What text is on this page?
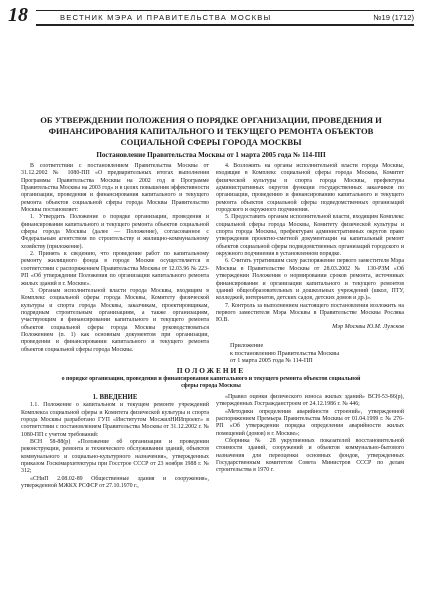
18	ВЕСТНИК МЭРА И ПРАВИТЕЛЬСТВА МОСКВЫ	№19 (1712)
ОБ УТВЕРЖДЕНИИ ПОЛОЖЕНИЯ О ПОРЯДКЕ ОРГАНИЗАЦИИ, ПРОВЕДЕНИЯ И ФИНАНСИРОВАНИЯ КАПИТАЛЬНОГО И ТЕКУЩЕГО РЕМОНТА ОБЪЕКТОВ СОЦИАЛЬНОЙ СФЕРЫ ГОРОДА МОСКВЫ
Постановление Правительства Москвы от 1 марта 2005 года № 114-ПП

В соответствии с постановлением Правительства Москвы от 31.12.2002 № 1080-ПП «О предварительных итогах выполнения Программы Правительства Москвы на 2002 год и Программе Правительства Москвы на 2003 год» и в целях повышения эффективности организации, проведения и финансирования капитального и текущего ремонта объектов социальной сферы города Москвы Правительство Москвы постановляет:

1. Утвердить Положение о порядке организации, проведения и финансирования капитального и текущего ремонта объектов социальной сферы города Москвы (далее — Положение), согласованное с Федеральным агентством по строительству и жилищно-коммунальному хозяйству (приложение).

2. Принять к сведению, что проведение работ по капитальному ремонту жилищного фонда в городе Москве осуществляется в соответствии с распоряжением Правительства Москвы от 12.03.96 № 223-РП «Об утверждении Положения по организации капитального ремонта жилых зданий в г. Москве».

3. Органам исполнительной власти города Москвы, входящим в Комплекс социальной сферы города Москвы, Комитету физической культуры и спорта города Москвы, заказчикам, проектировщикам, подрядным строительным организациям, а также организациям, участвующим в финансировании капитального и текущего ремонта объектов социальной сферы города Москвы руководствоваться Положением (п. 1) как основным документом при организации, проведении и финансировании капитального и текущего ремонта объектов социальной сферы города Москвы.

4. Возложить на органы исполнительной власти города Москвы, входящие в Комплекс социальной сферы города Москвы, Комитет физической культуры и спорта города Москвы, префектуры административных округов функции государственных заказчиков по организации, проведению и финансированию капитального и текущего ремонта объектов социальной сферы подведомственных организаций городского и окружного подчинения.

5. Предоставить органам исполнительной власти, входящим Комплекс социальной сферы города Москвы, Комитету физической культуры и спорта города Москвы, префектурам административных округов право утверждения проектно-сметной документации на капитальный ремонт объектов социальной сферы подведомственных организаций городского и окружного подчинения в установленном порядке.

6. Считать утратившим силу распоряжение первого заместителя Мэра Москвы в Правительстве Москвы от 28.03.2002 № 130-РЗМ «Об утверждении Положения о нормировании сроков ремонта, источниках финансирования и организации капитального и текущего ремонтов зданий общеобразовательных и дошкольных учреждений (школ, ПТУ, колледжей, интернатов, детских садов, детских домов и др.)».

7. Контроль за выполнением настоящего постановления возложить на первого заместителя Мэра Москвы в Правительстве Москвы Росляка Ю.В.

Мэр Москвы Ю.М. Лужков
Приложение
к постановлению Правительства Москвы
от 1 марта 2005 года № 114-ПП
ПОЛОЖЕНИЕ
о порядке организации, проведения и финансирования капитального и текущего ремонта объектов социальной сферы города Москвы
1. ВВЕДЕНИЕ

1.1. Положение о капитальном и текущем ремонте учреждений Комплекса социальной сферы и Комитета физической культуры и спорта города Москвы разработано ГУП «Институтом МосжилНИИпроект» в соответствии с постановлением Правительства Москвы от 31.12.2002 г. № 1080-ПП с учетом требований:

ВСН 58-88(р) «Положение об организации и проведении реконструкции, ремонта и технического обслуживания зданий, объектов коммунального и социально-культурного назначения», утвержденных приказом Госкомархитектуры при Госстрое СССР от 23 ноября 1988 г. № 312;

«СНиП 2.08.02-89 Общественные здания и сооружения», утвержденной МЖКХ РСФСР от 27.10.1970 г.,

«Правил оценки физического износа жилых зданий» ВСН-53-86(р), утвержденных Госгражданстроем от 24.12.1986 г. № 446;

«Методики определения аварийности строений», утвержденной распоряжением Премьера Правительства Москвы от 01.04.1999 г. № 276-РП «Об утверждении порядка определения аварийности жилых помещений (домов) в г. Москве»;

Сборника № 28 укрупненных показателей восстановительной стоимости зданий, сооружений и объектов коммунально-бытового назначения для переоценки основных фондов, утвержденных Государственным комитетом Совета Министров СССР по делам строительства в 1970 г.
